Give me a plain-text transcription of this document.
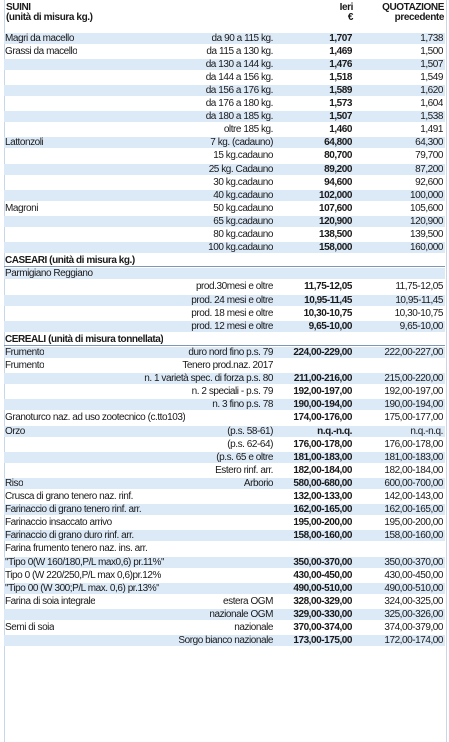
SUINI
(unità di misura kg.)
Ieri
€
QUOTAZIONE
precedente
Magri da macello	da 90 a 115 kg.	1,707	1,738
Grassi da macello	da 115 a 130 kg.	1,469	1,500
da 130 a 144 kg.	1,476	1,507
da 144 a 156 kg.	1,518	1,549
da 156 a 176 kg.	1,589	1,620
da 176 a 180 kg.	1,573	1,604
da 180 a 185 kg.	1,507	1,538
oltre 185 kg.	1,460	1,491
Lattonzoli	7 kg. (cadauno)	64,800	64,300
15 kg.cadauno	80,700	79,700
25 kg. Cadauno	89,200	87,200
30 kg.cadauno	94,600	92,600
40 kg.cadauno	102,000	100,000
Magroni	50 kg.cadauno	107,600	105,600
65 kg.cadauno	120,900	120,900
80 kg.cadauno	138,500	139,500
100 kg.cadauno	158,000	160,000
CASEARI (unità di misura kg.)
Parmigiano Reggiano
prod.30mesi e oltre	11,75-12,05	11,75-12,05
prod. 24 mesi e oltre	10,95-11,45	10,95-11,45
prod. 18 mesi e oltre	10,30-10,75	10,30-10,75
prod. 12 mesi e oltre	9,65-10,00	9,65-10,00
CEREALI (unità di misura tonnellata)
Frumento	duro nord fino p.s. 79 224,00-229,00	222,00-227,00
Frumento	Tenero prod.naz. 2017
n. 1 varietà spec. di forza p.s. 80 211,00-216,00	215,00-220,00
n. 2 speciali - p.s. 79 192,00-197,00	192,00-197,00
n. 3 fino p.s. 78 190,00-194,00	190,00-194,00
Granoturco naz. ad uso zootecnico (c.tto103)	174,00-176,00	175,00-177,00
Orzo	(p.s. 58-61)	n.q.-n.q.	n.q.-n.q.
(p.s. 62-64) 176,00-178,00	176,00-178,00
(p.s. 65 e oltre 181,00-183,00	181,00-183,00
Estero rinf. arr. 182,00-184,00	182,00-184,00
Riso	Arborio 580,00-680,00	600,00-700,00
Crusca di grano tenero naz. rinf.	132,00-133,00	142,00-143,00
Farinaccio di grano tenero rinf. arr.	162,00-165,00	162,00-165,00
Farinaccio insaccato arrivo	195,00-200,00	195,00-200,00
Farinaccio di grano duro rinf. arr.	158,00-160,00	158,00-160,00
Farina frumento tenero naz. ins. arr.
"Tipo 0(W 160/180,P/L max0,6) pr.11%"	350,00-370,00	350,00-370,00
Tipo 0 (W 220/250,P/L max 0,6)pr.12%	430,00-450,00	430,00-450,00
"Tipo 00 (W 300;P/L max. 0,6) pr.13%"	490,00-510,00	490,00-510,00
Farina di soia integrale	estera OGM 328,00-329,00	324,00-325,00
nazionale OGM 329,00-330,00	325,00-326,00
Semi di soia	nazionale 370,00-374,00	374,00-379,00
Sorgo bianco nazionale 173,00-175,00	172,00-174,00
